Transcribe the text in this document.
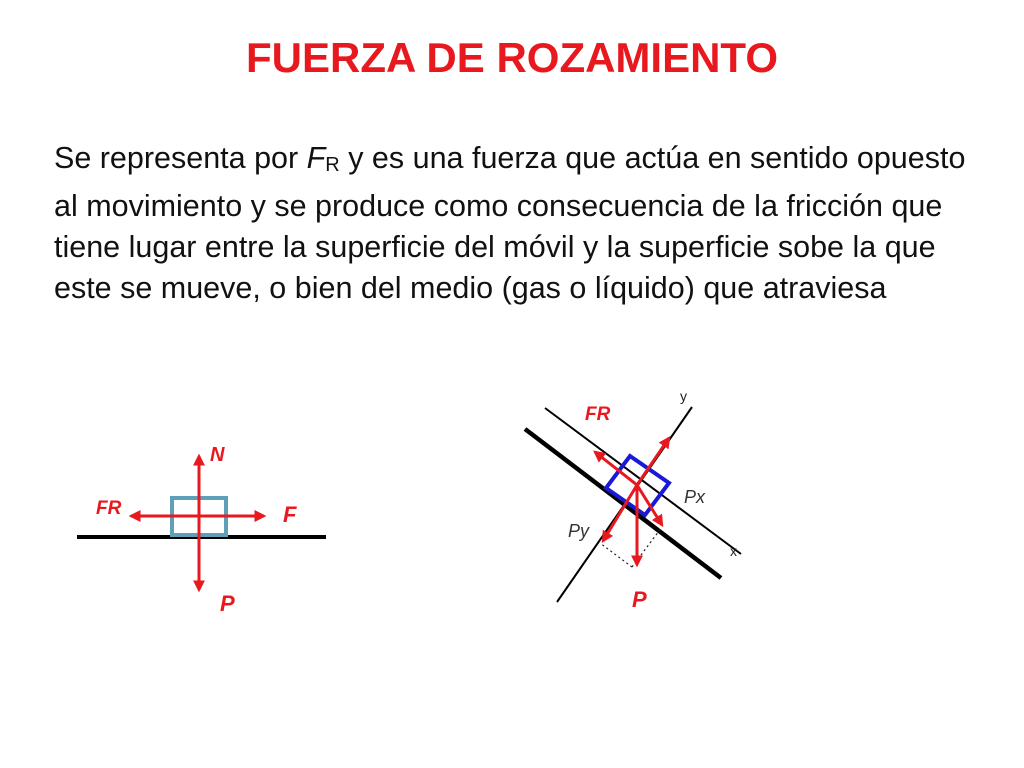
FUERZA DE ROZAMIENTO

Se representa por $F_R$ y es una fuerza que actúa en sentido opuesto al movimiento y se produce como consecuencia de la fricción que tiene lugar entre la superficie del móvil y la superficie sobe la que este se mueve, o bien del medio (gas o líquido) que atraviesa

N
P
F
FR
FR
P
Px
Py
x
y
